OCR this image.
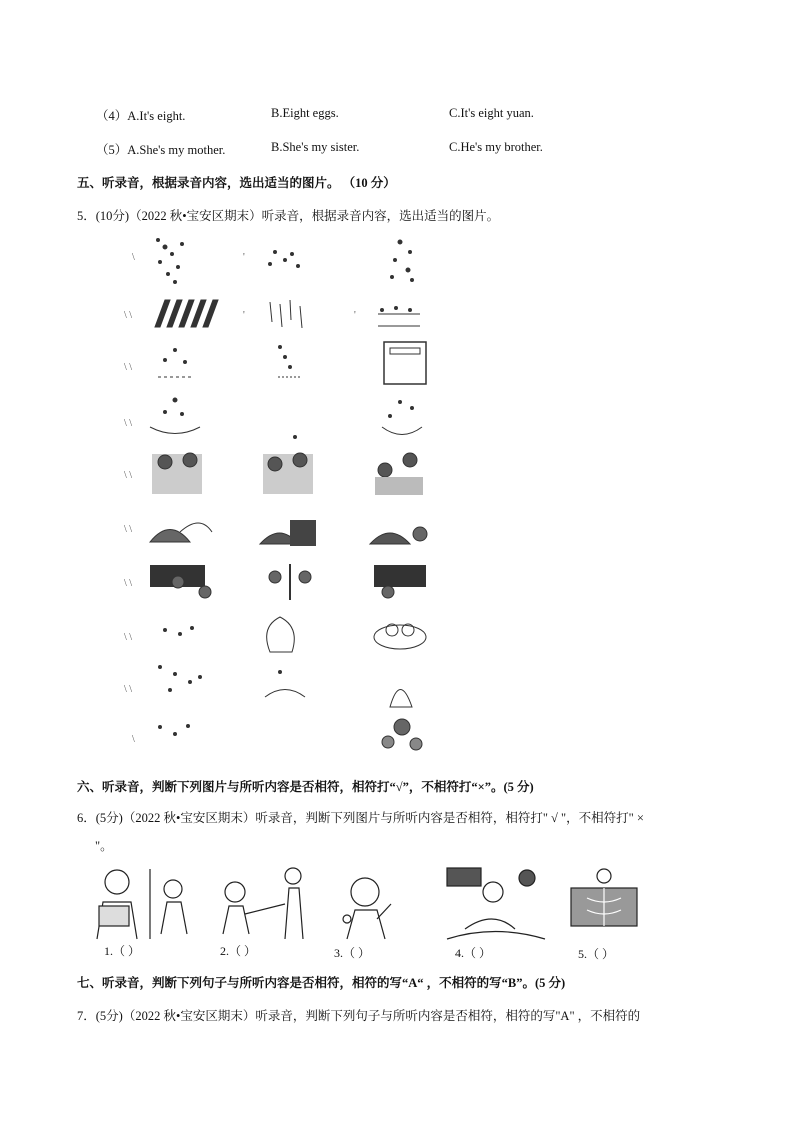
（4）A.It's eight.	B.Eight eggs.	C.It's eight yuan.
（5）A.She's my mother.	B.She's my sister.	C.He's my brother.
五、听录音，根据录音内容，选出适当的图片。 （10 分）
5．(10分)（2022 秋•宝安区期末）听录音，根据录音内容，选出适当的图片。
\	'
\ \	'	'
\ \
\ \
\ \
\ \
\ \
\ \
\ \
\
六、听录音，判断下列图片与所听内容是否相符，相符打“√”，不相符打“×”。(5 分)
6．(5分)（2022 秋•宝安区期末）听录音，判断下列图片与所听内容是否相符，相符打" √ "，不相符打" ×
"。
1.（ ）	2.（ ）	3.（ ）	4.（ ）	5.（ ）
七、听录音，判断下列句子与所听内容是否相符，相符的写“A“ ，不相符的写“B”。(5 分)
7．(5分)（2022 秋•宝安区期末）听录音，判断下列句子与所听内容是否相符，相符的写"A" ，不相符的
